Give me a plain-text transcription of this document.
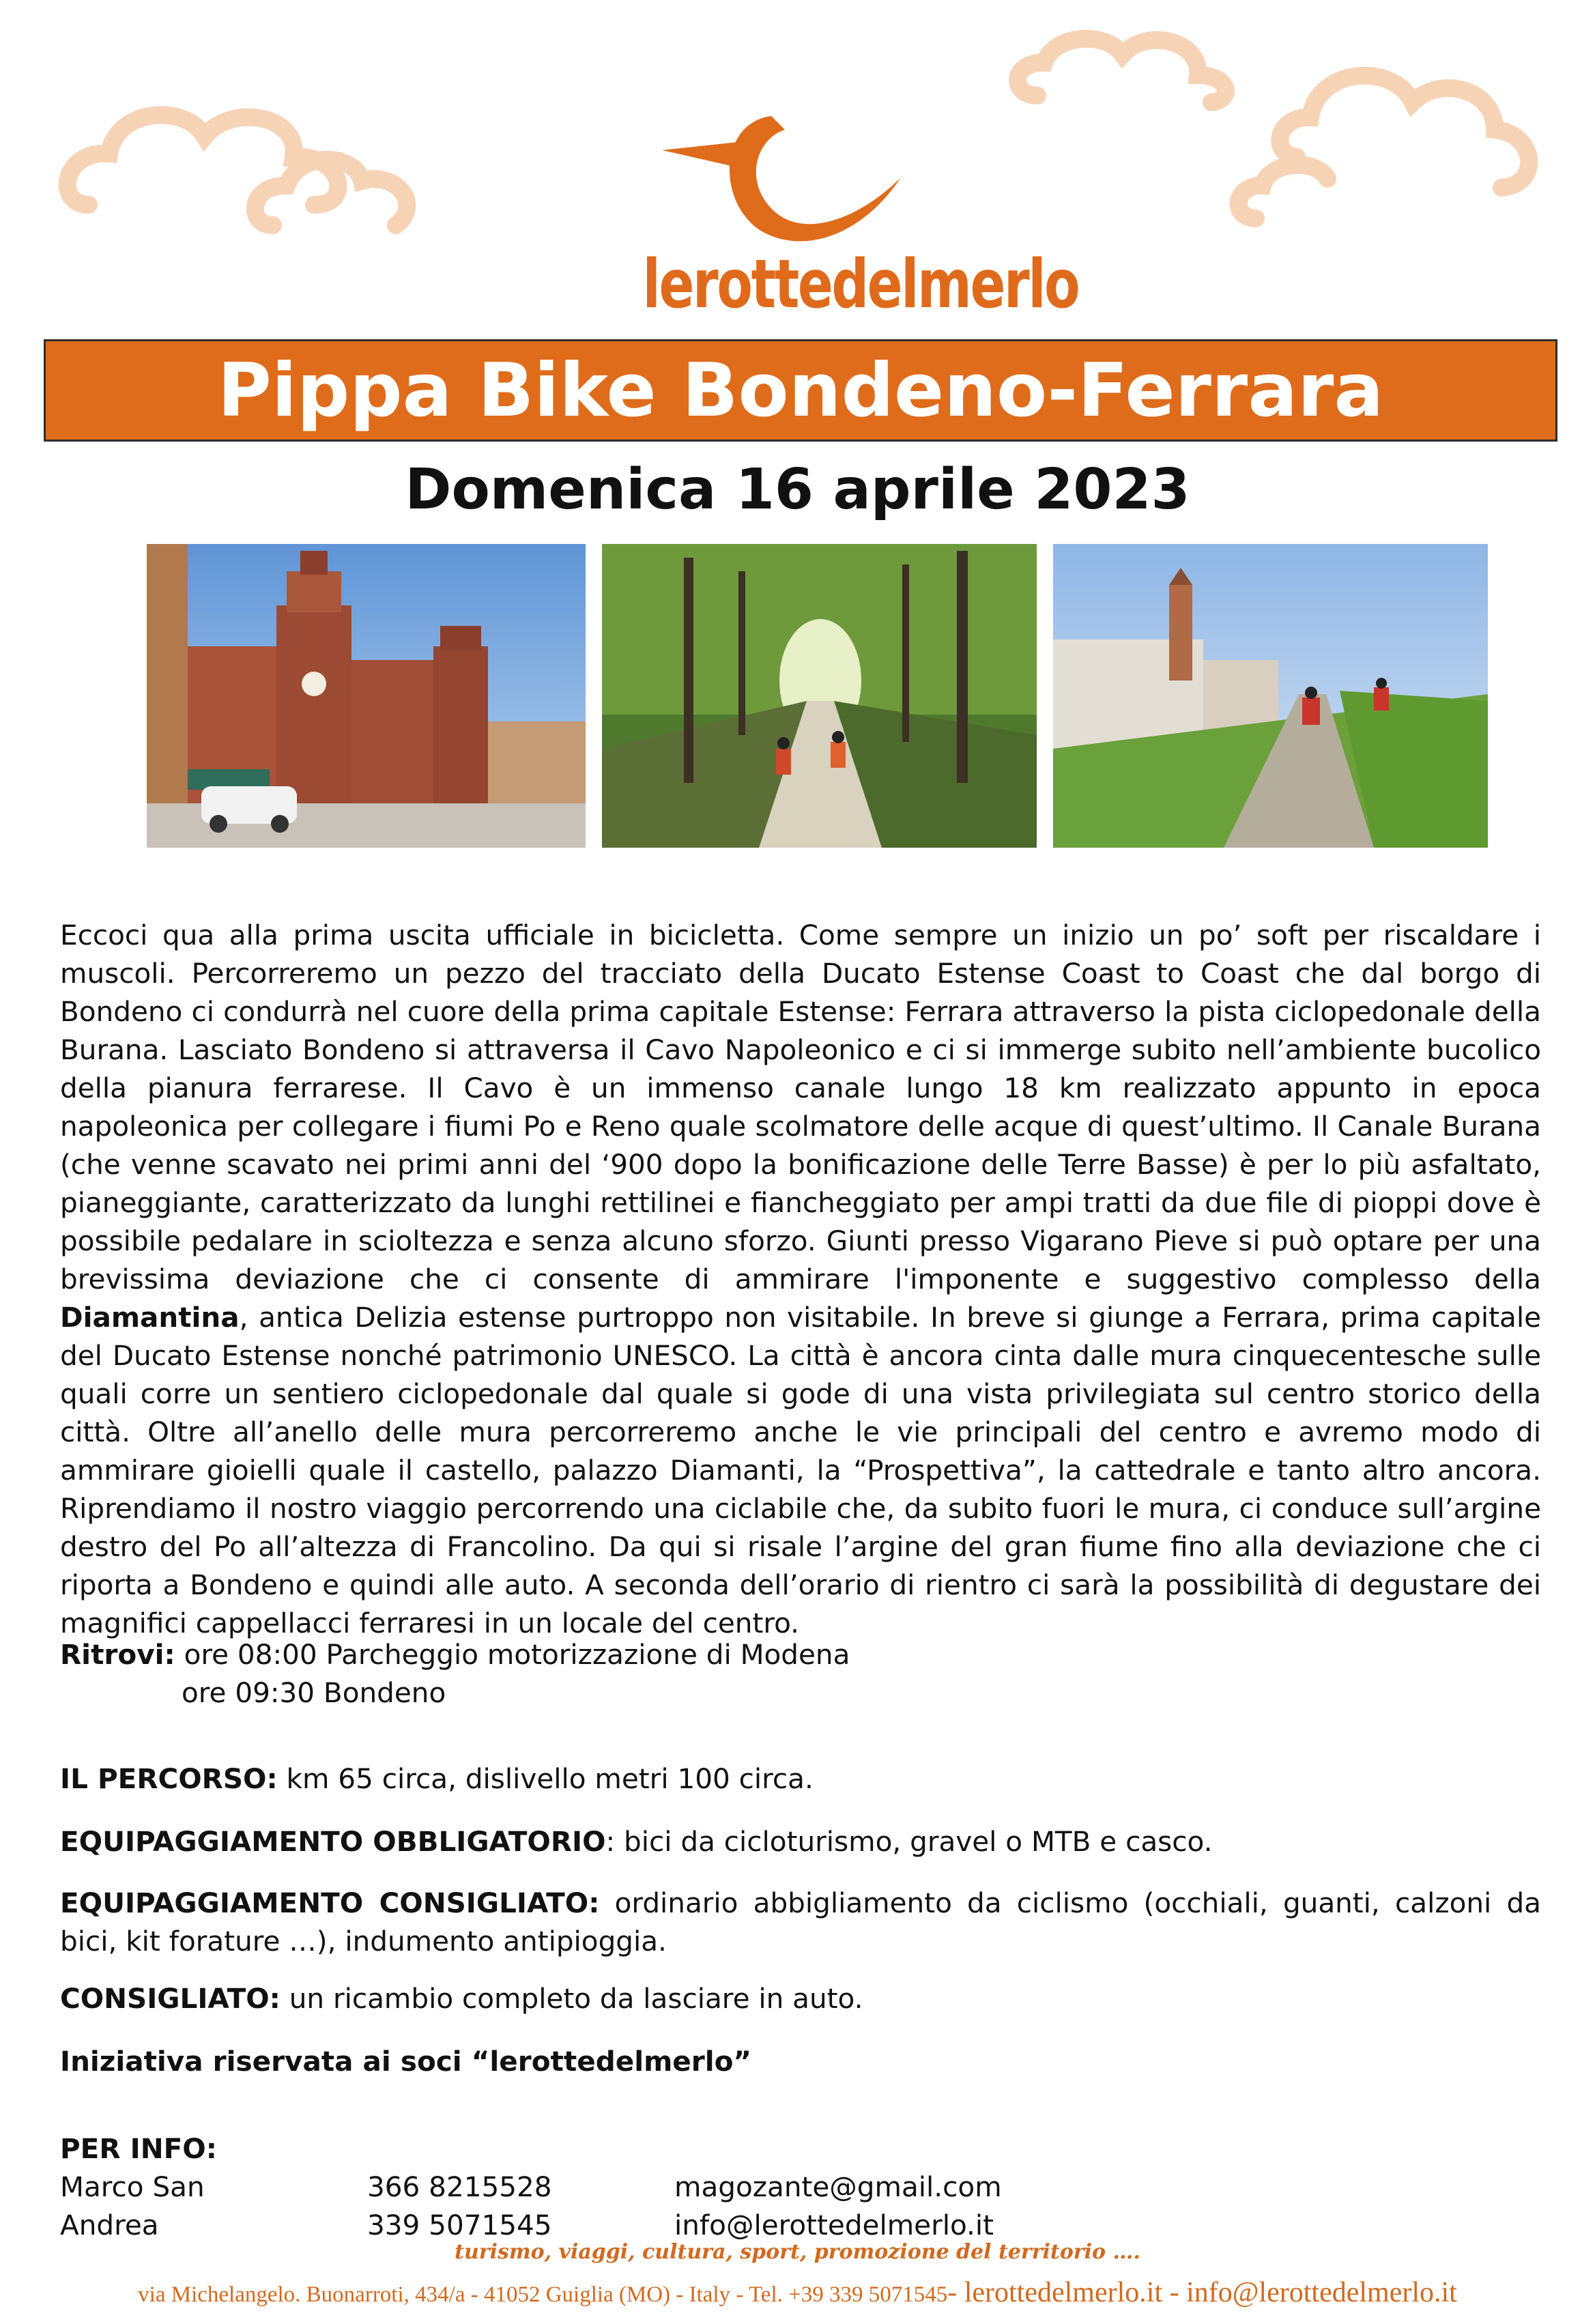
lerottedelmerlo
Pippa Bike Bondeno-Ferrara
Domenica 16 aprile 2023
Eccoci qua alla prima uscita ufficiale in bicicletta. Come sempre un inizio un po’ soft per riscaldare i muscoli. Percorreremo un pezzo del tracciato della Ducato Estense Coast to Coast che dal borgo di Bondeno ci condurrà nel cuore della prima capitale Estense: Ferrara attraverso la pista ciclopedonale della Burana. Lasciato Bondeno si attraversa il Cavo Napoleonico e ci si immerge subito nell’ambiente bucolico della pianura ferrarese. Il Cavo è un immenso canale lungo 18 km realizzato appunto in epoca napoleonica per collegare i fiumi Po e Reno quale scolmatore delle acque di quest’ultimo. Il Canale Burana (che venne scavato nei primi anni del ‘900 dopo la bonificazione delle Terre Basse) è per lo più asfaltato, pianeggiante, caratterizzato da lunghi rettilinei e fiancheggiato per ampi tratti da due file di pioppi dove è possibile pedalare in scioltezza e senza alcuno sforzo. Giunti presso Vigarano Pieve si può optare per una brevissima deviazione che ci consente di ammirare l'imponente e suggestivo complesso della Diamantina, antica Delizia estense purtroppo non visitabile. In breve si giunge a Ferrara, prima capitale del Ducato Estense nonché patrimonio UNESCO. La città è ancora cinta dalle mura cinquecentesche sulle quali corre un sentiero ciclopedonale dal quale si gode di una vista privilegiata sul centro storico della città. Oltre all’anello delle mura percorreremo anche le vie principali del centro e avremo modo di ammirare gioielli quale il castello, palazzo Diamanti, la “Prospettiva”, la cattedrale e tanto altro ancora. Riprendiamo il nostro viaggio percorrendo una ciclabile che, da subito fuori le mura, ci conduce sull’argine destro del Po all’altezza di Francolino. Da qui si risale l’argine del gran fiume fino alla deviazione che ci riporta a Bondeno e quindi alle auto. A seconda dell’orario di rientro ci sarà la possibilità di degustare dei magnifici cappellacci ferraresi in un locale del centro.
Ritrovi: ore 08:00 Parcheggio motorizzazione di Modena
ore 09:30 Bondeno
IL PERCORSO: km 65 circa, dislivello metri 100 circa.
EQUIPAGGIAMENTO OBBLIGATORIO: bici da cicloturismo, gravel o MTB e casco.
EQUIPAGGIAMENTO CONSIGLIATO: ordinario abbigliamento da ciclismo (occhiali, guanti, calzoni da bici, kit forature …), indumento antipioggia.
CONSIGLIATO: un ricambio completo da lasciare in auto.
Iniziativa riservata ai soci “lerottedelmerlo”
PER INFO:
Marco San	366 8215528	magozante@gmail.com
Andrea	339 5071545	info@lerottedelmerlo.it
turismo, viaggi, cultura, sport, promozione del territorio ….
via Michelangelo. Buonarroti, 434/a - 41052 Guiglia (MO) - Italy - Tel. +39 339 5071545- lerottedelmerlo.it - info@lerottedelmerlo.it
